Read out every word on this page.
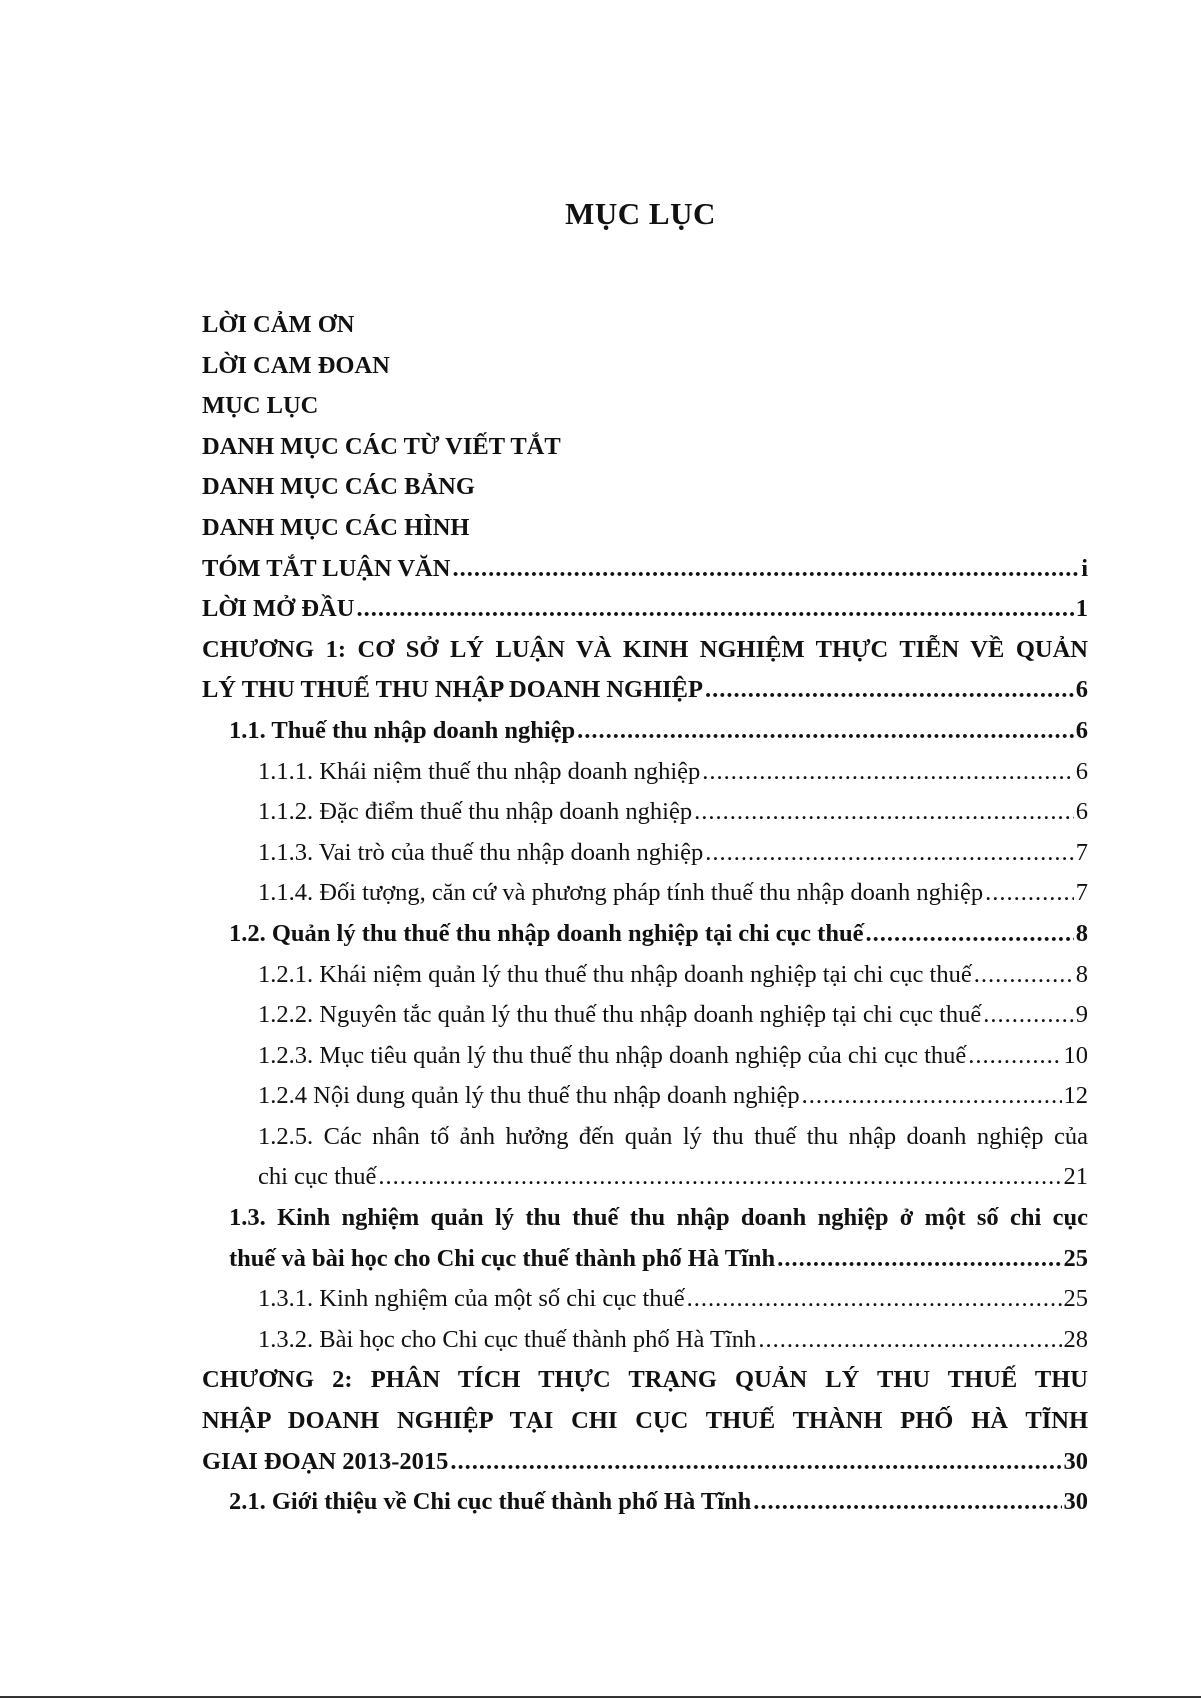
MỤC LỤC
LỜI CẢM ƠN
LỜI CAM ĐOAN
MỤC LỤC
DANH MỤC CÁC TỪ VIẾT TẮT
DANH MỤC CÁC BẢNG
DANH MỤC CÁC HÌNH
TÓM TẮT LUẬN VĂN .....	i
LỜI MỞ ĐẦU .....	1
CHƯƠNG 1: CƠ SỞ LÝ LUẬN VÀ KINH NGHIỆM THỰC TIỄN VỀ QUẢN
LÝ THU THUẾ THU NHẬP DOANH NGHIỆP .....	6
1.1. Thuế thu nhập doanh nghiệp .....	6
1.1.1. Khái niệm thuế thu nhập doanh nghiệp .....	6
1.1.2. Đặc điểm thuế thu nhập doanh nghiệp .....	6
1.1.3. Vai trò của thuế thu nhập doanh nghiệp .....	7
1.1.4. Đối tượng, căn cứ và phương pháp tính thuế thu nhập doanh nghiệp .....	7
1.2. Quản lý thu thuế thu nhập doanh nghiệp tại chi cục thuế .....	8
1.2.1. Khái niệm quản lý thu thuế thu nhập doanh nghiệp tại chi cục thuế .....	8
1.2.2. Nguyên tắc quản lý thu thuế thu nhập doanh nghiệp tại chi cục thuế .....	9
1.2.3. Mục tiêu quản lý thu thuế thu nhập doanh nghiệp của chi cục thuế .....	10
1.2.4 Nội dung quản lý thu thuế thu nhập doanh nghiệp .....	12
1.2.5. Các nhân tố ảnh hưởng đến quản lý thu thuế thu nhập doanh nghiệp của
chi cục thuế .....	21
1.3. Kinh nghiệm quản lý thu thuế thu nhập doanh nghiệp ở một số chi cục
thuế và bài học cho Chi cục thuế thành phố Hà Tĩnh .....	25
1.3.1. Kinh nghiệm của một số chi cục thuế .....	25
1.3.2. Bài học cho Chi cục thuế thành phố Hà Tĩnh .....	28
CHƯƠNG 2: PHÂN TÍCH THỰC TRẠNG QUẢN LÝ THU THUẾ THU
NHẬP DOANH NGHIỆP TẠI CHI CỤC THUẾ THÀNH PHỐ HÀ TĨNH
GIAI ĐOẠN 2013-2015 .....	30
2.1. Giới thiệu về Chi cục thuế thành phố Hà Tĩnh .....	30
